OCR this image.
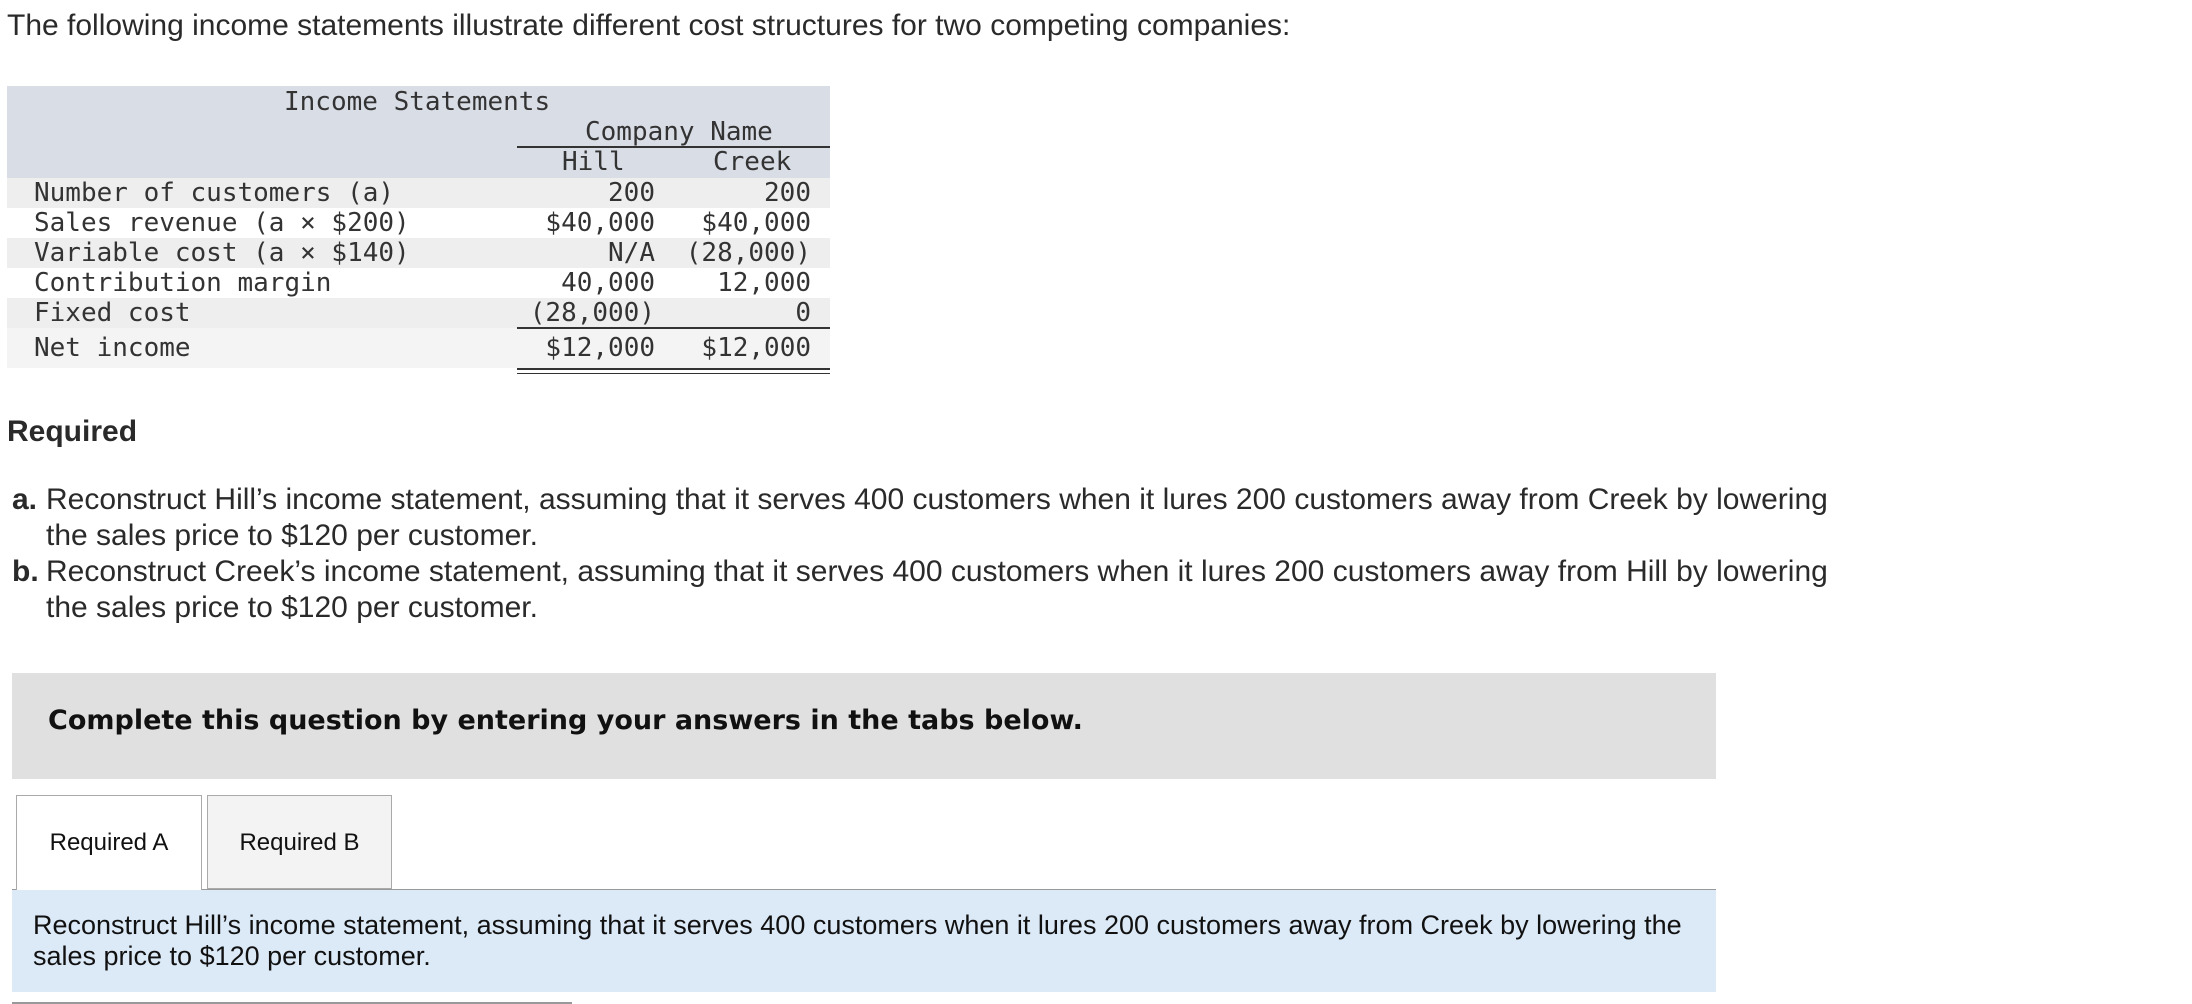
The following income statements illustrate different cost structures for two competing companies:
Income Statements
Company Name
Hill	Creek
Number of customers (a)	200	200
Sales revenue (a × $200)	$40,000 $40,000
Variable cost (a × $140)	N/A (28,000)
Contribution margin	40,000 12,000
Fixed cost	(28,000)	0
Net income	$12,000 $12,000
Required
a. Reconstruct Hill’s income statement, assuming that it serves 400 customers when it lures 200 customers away from Creek by lowering the sales price to $120 per customer.
b. Reconstruct Creek’s income statement, assuming that it serves 400 customers when it lures 200 customers away from Hill by lowering the sales price to $120 per customer.
Complete this question by entering your answers in the tabs below.
Required A	Required B
Reconstruct Hill’s income statement, assuming that it serves 400 customers when it lures 200 customers away from Creek by lowering the sales price to $120 per customer.
